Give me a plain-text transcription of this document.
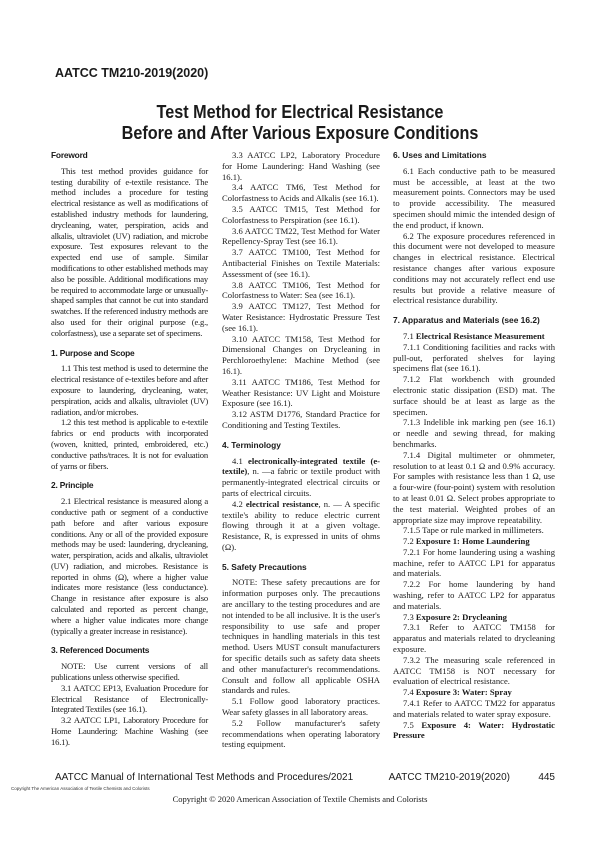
AATCC TM210-2019(2020)
Test Method for Electrical Resistance
Before and After Various Exposure Conditions
Foreword

This test method provides guidance for testing durability of e-textile resistance. The method includes a procedure for testing electrical resistance as well as modifications of established industry methods for laundering, drycleaning, water, perspiration, acids and alkalis, ultraviolet (UV) radiation, and microbe exposure. Test exposures relevant to the expected end use of sample. Similar modifications to other established methods may also be possible. Additional modifications may be required to accommodate large or unusually-shaped samples that cannot be cut into standard swatches. If the referenced industry methods are also used for their original purpose (e.g., colorfastness), use a separate set of specimens.

1. Purpose and Scope

1.1 This test method is used to determine the electrical resistance of e-textiles before and after exposure to laundering, drycleaning, water, perspiration, acids and alkalis, ultraviolet (UV) radiation, and/or microbes.

1.2 this test method is applicable to e-textile fabrics or end products with incorporated (woven, knitted, printed, embroidered, etc.) conductive paths/traces. It is not for evaluation of yarns or fibers.

2. Principle

2.1 Electrical resistance is measured along a conductive path or segment of a conductive path before and after various exposure conditions. Any or all of the provided exposure methods may be used: laundering, drycleaning, water, perspiration, acids and alkalis, ultraviolet (UV) radiation, and microbes. Resistance is reported in ohms (Ω), where a higher value indicates more resistance (less conductance). Change in resistance after exposure is also calculated and reported as percent change, where a higher value indicates more change (typically a greater increase in resistance).

3. Referenced Documents

NOTE: Use current versions of all publications unless otherwise specified.

3.1 AATCC EP13, Evaluation Procedure for Electrical Resistance of Electronically-Integrated Textiles (see 16.1).

3.2 AATCC LP1, Laboratory Procedure for Home Laundering: Machine Washing (see 16.1).

3.3 AATCC LP2, Laboratory Procedure for Home Laundering: Hand Washing (see 16.1).

3.4 AATCC TM6, Test Method for Colorfastness to Acids and Alkalis (see 16.1).

3.5 AATCC TM15, Test Method for Colorfastness to Perspiration (see 16.1).

3.6 AATCC TM22, Test Method for Water Repellency-Spray Test (see 16.1).

3.7 AATCC TM100, Test Method for Antibacterial Finishes on Textile Materials: Assessment of (see 16.1).

3.8 AATCC TM106, Test Method for Colorfastness to Water: Sea (see 16.1).

3.9 AATCC TM127, Test Method for Water Resistance: Hydrostatic Pressure Test (see 16.1).

3.10 AATCC TM158, Test Method for Dimensional Changes on Drycleaning in Perchloroethylene: Machine Method (see 16.1).

3.11 AATCC TM186, Test Method for Weather Resistance: UV Light and Moisture Exposure (see 16.1).

3.12 ASTM D1776, Standard Practice for Conditioning and Testing Textiles.

4. Terminology

4.1 electronically-integrated textile (e-textile), n. —a fabric or textile product with permanently-integrated electrical circuits or parts of electrical circuits.

4.2 electrical resistance, n. — A specific textile's ability to reduce electric current flowing through it at a given voltage. Resistance, R, is expressed in units of ohms (Ω).

5. Safety Precautions

NOTE: These safety precautions are for information purposes only. The precautions are ancillary to the testing procedures and are not intended to be all inclusive. It is the user's responsibility to use safe and proper techniques in handling materials in this test method. Users MUST consult manufacturers for specific details such as safety data sheets and other manufacturer's recommendations. Consult and follow all applicable OSHA standards and rules.

5.1 Follow good laboratory practices. Wear safety glasses in all laboratory areas.

5.2 Follow manufacturer's safety recommendations when operating laboratory testing equipment.

6. Uses and Limitations

6.1 Each conductive path to be measured must be accessible, at least at the two measurement points. Connectors may be used to provide accessibility. The measured specimen should mimic the intended design of the end product, if known.

6.2 The exposure procedures referenced in this document were not developed to measure changes in electrical resistance. Electrical resistance changes after various exposure conditions may not accurately reflect end use results but provide a relative measure of electrical resistance durability.

7. Apparatus and Materials (see 16.2)

7.1 Electrical Resistance Measurement

7.1.1 Conditioning facilities and racks with pull-out, perforated shelves for laying specimens flat (see 16.1).

7.1.2 Flat workbench with grounded electronic static dissipation (ESD) mat. The surface should be at least as large as the specimen.

7.1.3 Indelible ink marking pen (see 16.1) or needle and sewing thread, for making benchmarks.

7.1.4 Digital multimeter or ohmmeter, resolution to at least 0.1 Ω and 0.9% accuracy. For samples with resistance less than 1 Ω, use a four-wire (four-point) system with resolution to at least 0.01 Ω. Select probes appropriate to the test material. Weighted probes of an appropriate size may improve repeatability.

7.1.5 Tape or rule marked in millimeters.

7.2 Exposure 1: Home Laundering

7.2.1 For home laundering using a washing machine, refer to AATCC LP1 for apparatus and materials.

7.2.2 For home laundering by hand washing, refer to AATCC LP2 for apparatus and materials.

7.3 Exposure 2: Drycleaning

7.3.1 Refer to AATCC TM158 for apparatus and materials related to drycleaning exposure.

7.3.2 The measuring scale referenced in AATCC TM158 is NOT necessary for evaluation of electrical resistance.

7.4 Exposure 3: Water: Spray

7.4.1 Refer to AATCC TM22 for apparatus and materials related to water spray exposure.

7.5 Exposure 4: Water: Hydrostatic Pressure

AATCC Manual of International Test Methods and Procedures/2021	AATCC TM210-2019(2020)	445
Copyright The American Association of Textile Chemists and Colorists
Copyright © 2020 American Association of Textile Chemists and Colorists
